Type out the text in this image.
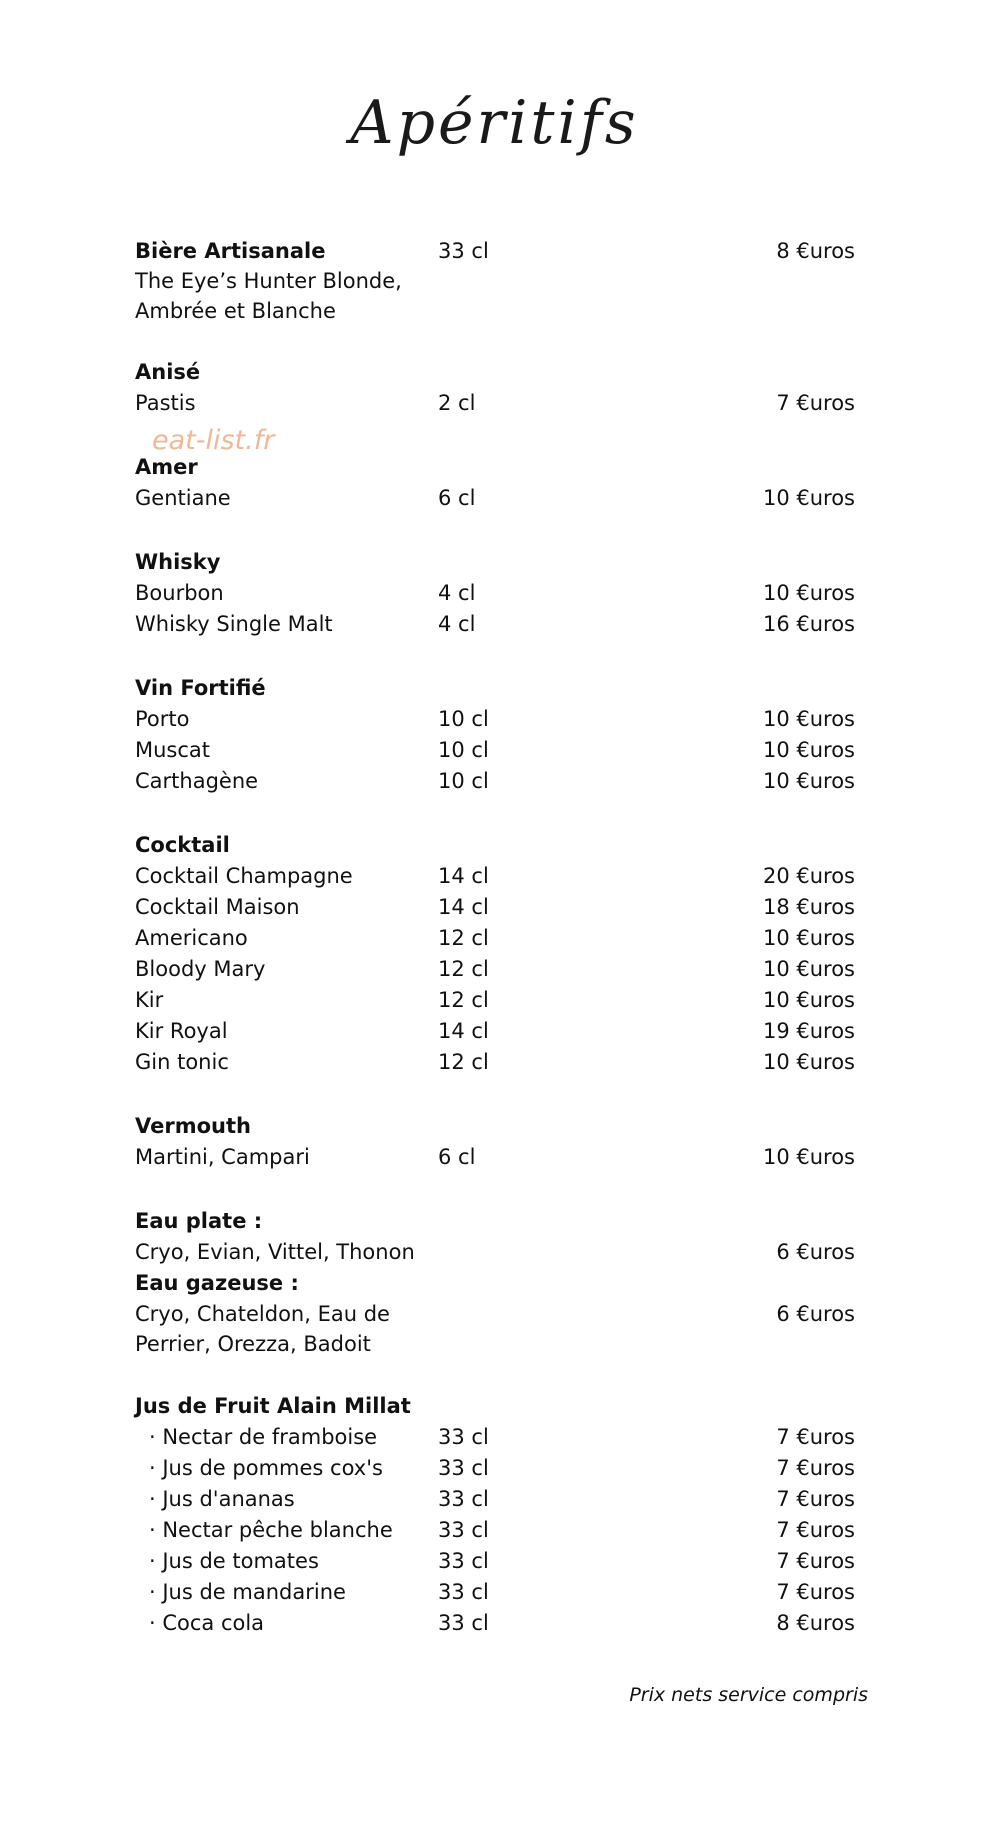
Apéritifs
eat-list.fr
Bière Artisanale	33 cl	8 €uros
The Eye’s Hunter Blonde,
Ambrée et Blanche
Anisé
Pastis	2 cl	7 €uros
Amer
Gentiane	6 cl	10 €uros
Whisky
Bourbon	4 cl	10 €uros
Whisky Single Malt	4 cl	16 €uros
Vin Fortifié
Porto	10 cl	10 €uros
Muscat	10 cl	10 €uros
Carthagène	10 cl	10 €uros
Cocktail
Cocktail Champagne	14 cl	20 €uros
Cocktail Maison	14 cl	18 €uros
Americano	12 cl	10 €uros
Bloody Mary	12 cl	10 €uros
Kir	12 cl	10 €uros
Kir Royal	14 cl	19 €uros
Gin tonic	12 cl	10 €uros
Vermouth
Martini, Campari	6 cl	10 €uros
Eau plate :
Cryo, Evian, Vittel, Thonon	6 €uros
Eau gazeuse :
Cryo, Chateldon, Eau de	6 €uros
Perrier, Orezza, Badoit
Jus de Fruit Alain Millat
· Nectar de framboise	33 cl	7 €uros
· Jus de pommes cox's	33 cl	7 €uros
· Jus d'ananas	33 cl	7 €uros
· Nectar pêche blanche 33 cl	7 €uros
· Jus de tomates	33 cl	7 €uros
· Jus de mandarine	33 cl	7 €uros
· Coca cola	33 cl	8 €uros
Prix nets service compris
